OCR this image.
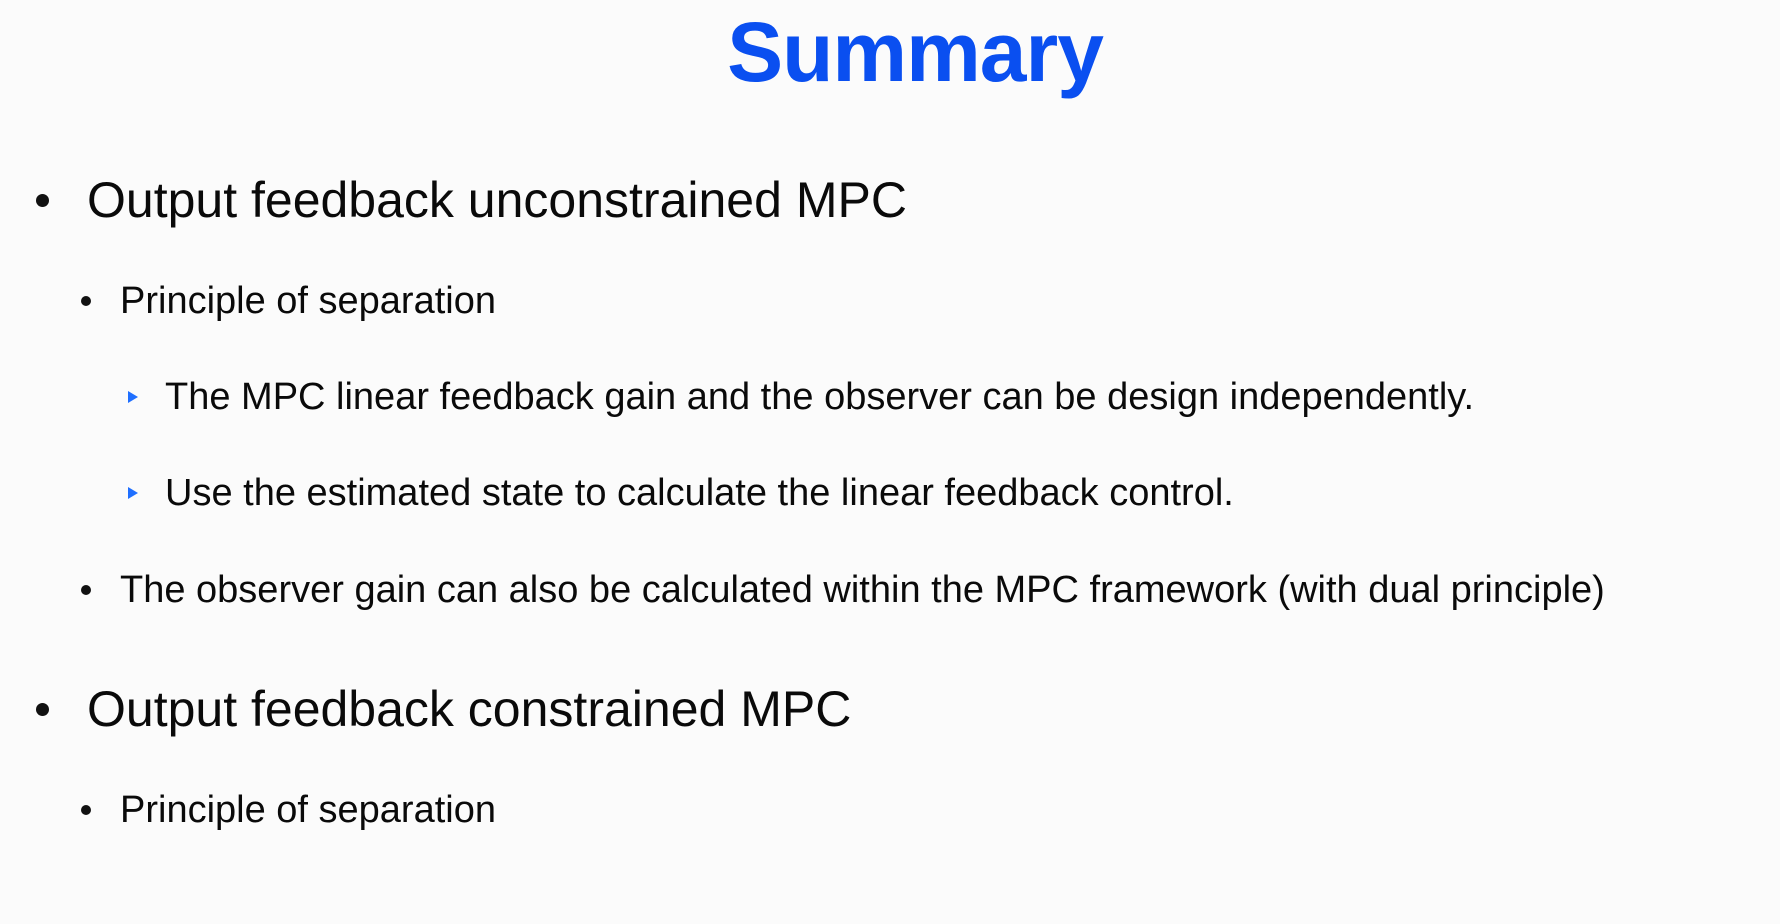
Summary
Output feedback unconstrained MPC
Principle of separation
The MPC linear feedback gain and the observer can be design independently.
Use the estimated state to calculate the linear feedback control.
The observer gain can also be calculated within the MPC framework (with dual principle)
Output feedback constrained MPC
Principle of separation
